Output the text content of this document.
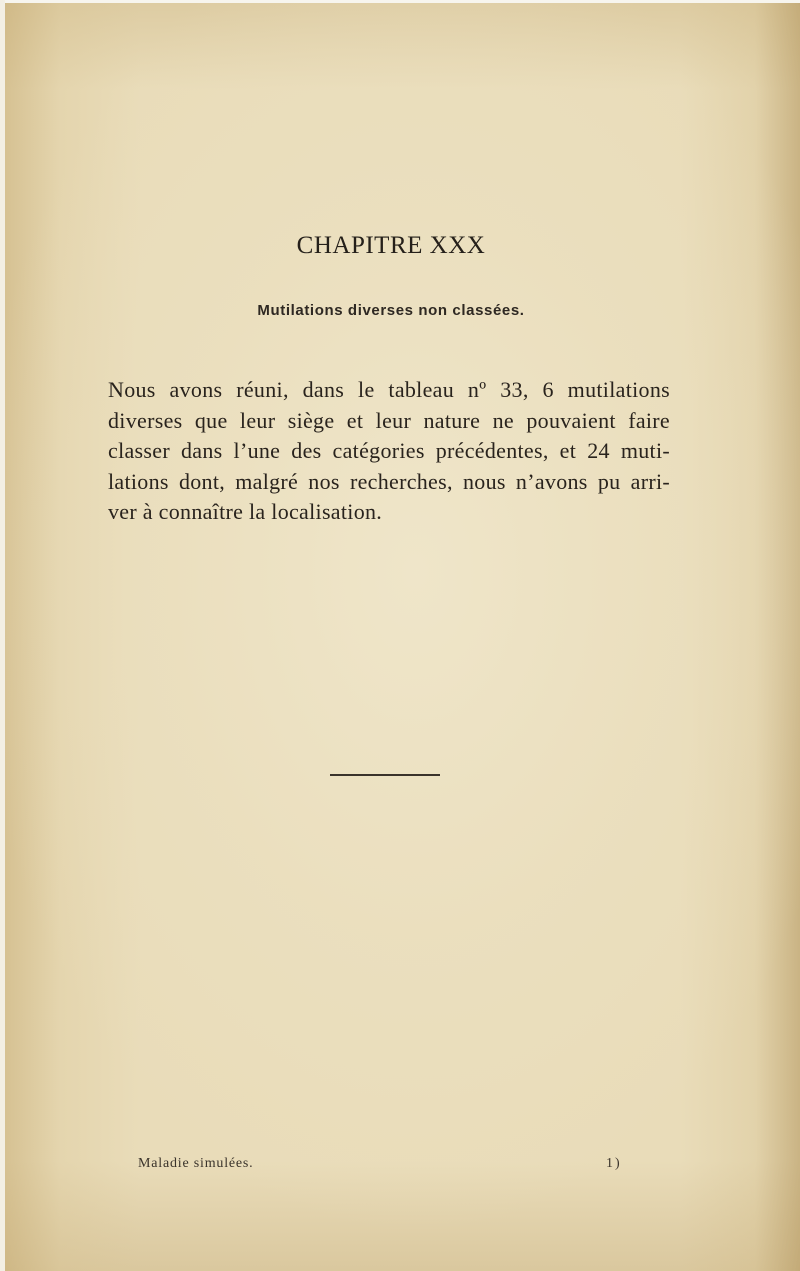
CHAPITRE XXX
Mutilations diverses non classées.
Nous avons réuni, dans le tableau nº 33, 6 mutilations
diverses que leur siège et leur nature ne pouvaient faire
classer dans l’une des catégories précédentes, et 24 muti-
lations dont, malgré nos recherches, nous n’avons pu arri-
ver à connaître la localisation.
Maladie simulées.	1)
